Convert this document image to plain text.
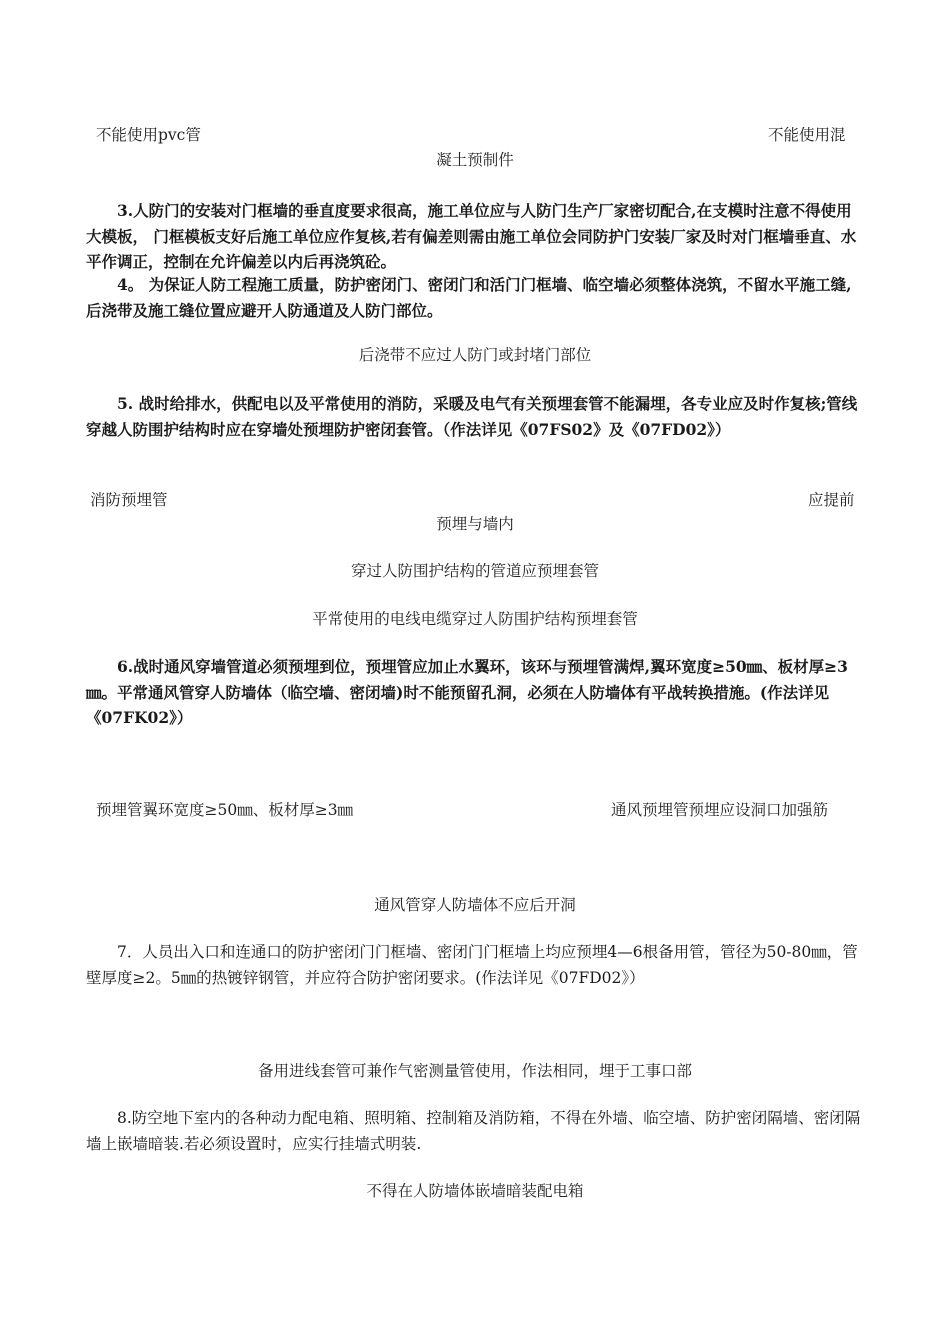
不能使用pvc管	不能使用混
凝土预制件
3.人防门的安装对门框墙的垂直度要求很高，施工单位应与人防门生产厂家密切配合,在支模时注意不得使用大模板， 门框模板支好后施工单位应作复核,若有偏差则需由施工单位会同防护门安装厂家及时对门框墙垂直、水平作调正，控制在允许偏差以内后再浇筑砼。
4。 为保证人防工程施工质量，防护密闭门、密闭门和活门门框墙、临空墙必须整体浇筑，不留水平施工缝,后浇带及施工缝位置应避开人防通道及人防门部位。
后浇带不应过人防门或封堵门部位
5. 战时给排水，供配电以及平常使用的消防，采暖及电气有关预埋套管不能漏埋，各专业应及时作复核;管线穿越人防围护结构时应在穿墙处预埋防护密闭套管。（作法详见《07FS02》及《07FD02》）
消防预埋管	应提前
预埋与墙内
穿过人防围护结构的管道应预埋套管
平常使用的电线电缆穿过人防围护结构预埋套管
6.战时通风穿墙管道必须预埋到位，预埋管应加止水翼环，该环与预埋管满焊,翼环宽度≥50㎜、板材厚≥3㎜。平常通风管穿人防墙体（临空墙、密闭墙)时不能预留孔洞，必须在人防墙体有平战转换措施。(作法详见《07FK02》）
预埋管翼环宽度≥50㎜、板材厚≥3㎜	通风预埋管预埋应设洞口加强筋
通风管穿人防墙体不应后开洞
7．人员出入口和连通口的防护密闭门门框墙、密闭门门框墙上均应预埋4—6根备用管，管径为50-80㎜，管壁厚度≥2。5㎜的热镀锌钢管，并应符合防护密闭要求。(作法详见《07FD02》）
备用进线套管可兼作气密测量管使用，作法相同，埋于工事口部
8.防空地下室内的各种动力配电箱、照明箱、控制箱及消防箱，不得在外墙、临空墙、防护密闭隔墙、密闭隔墙上嵌墙暗装.若必须设置时，应实行挂墙式明装.
不得在人防墙体嵌墙暗装配电箱
